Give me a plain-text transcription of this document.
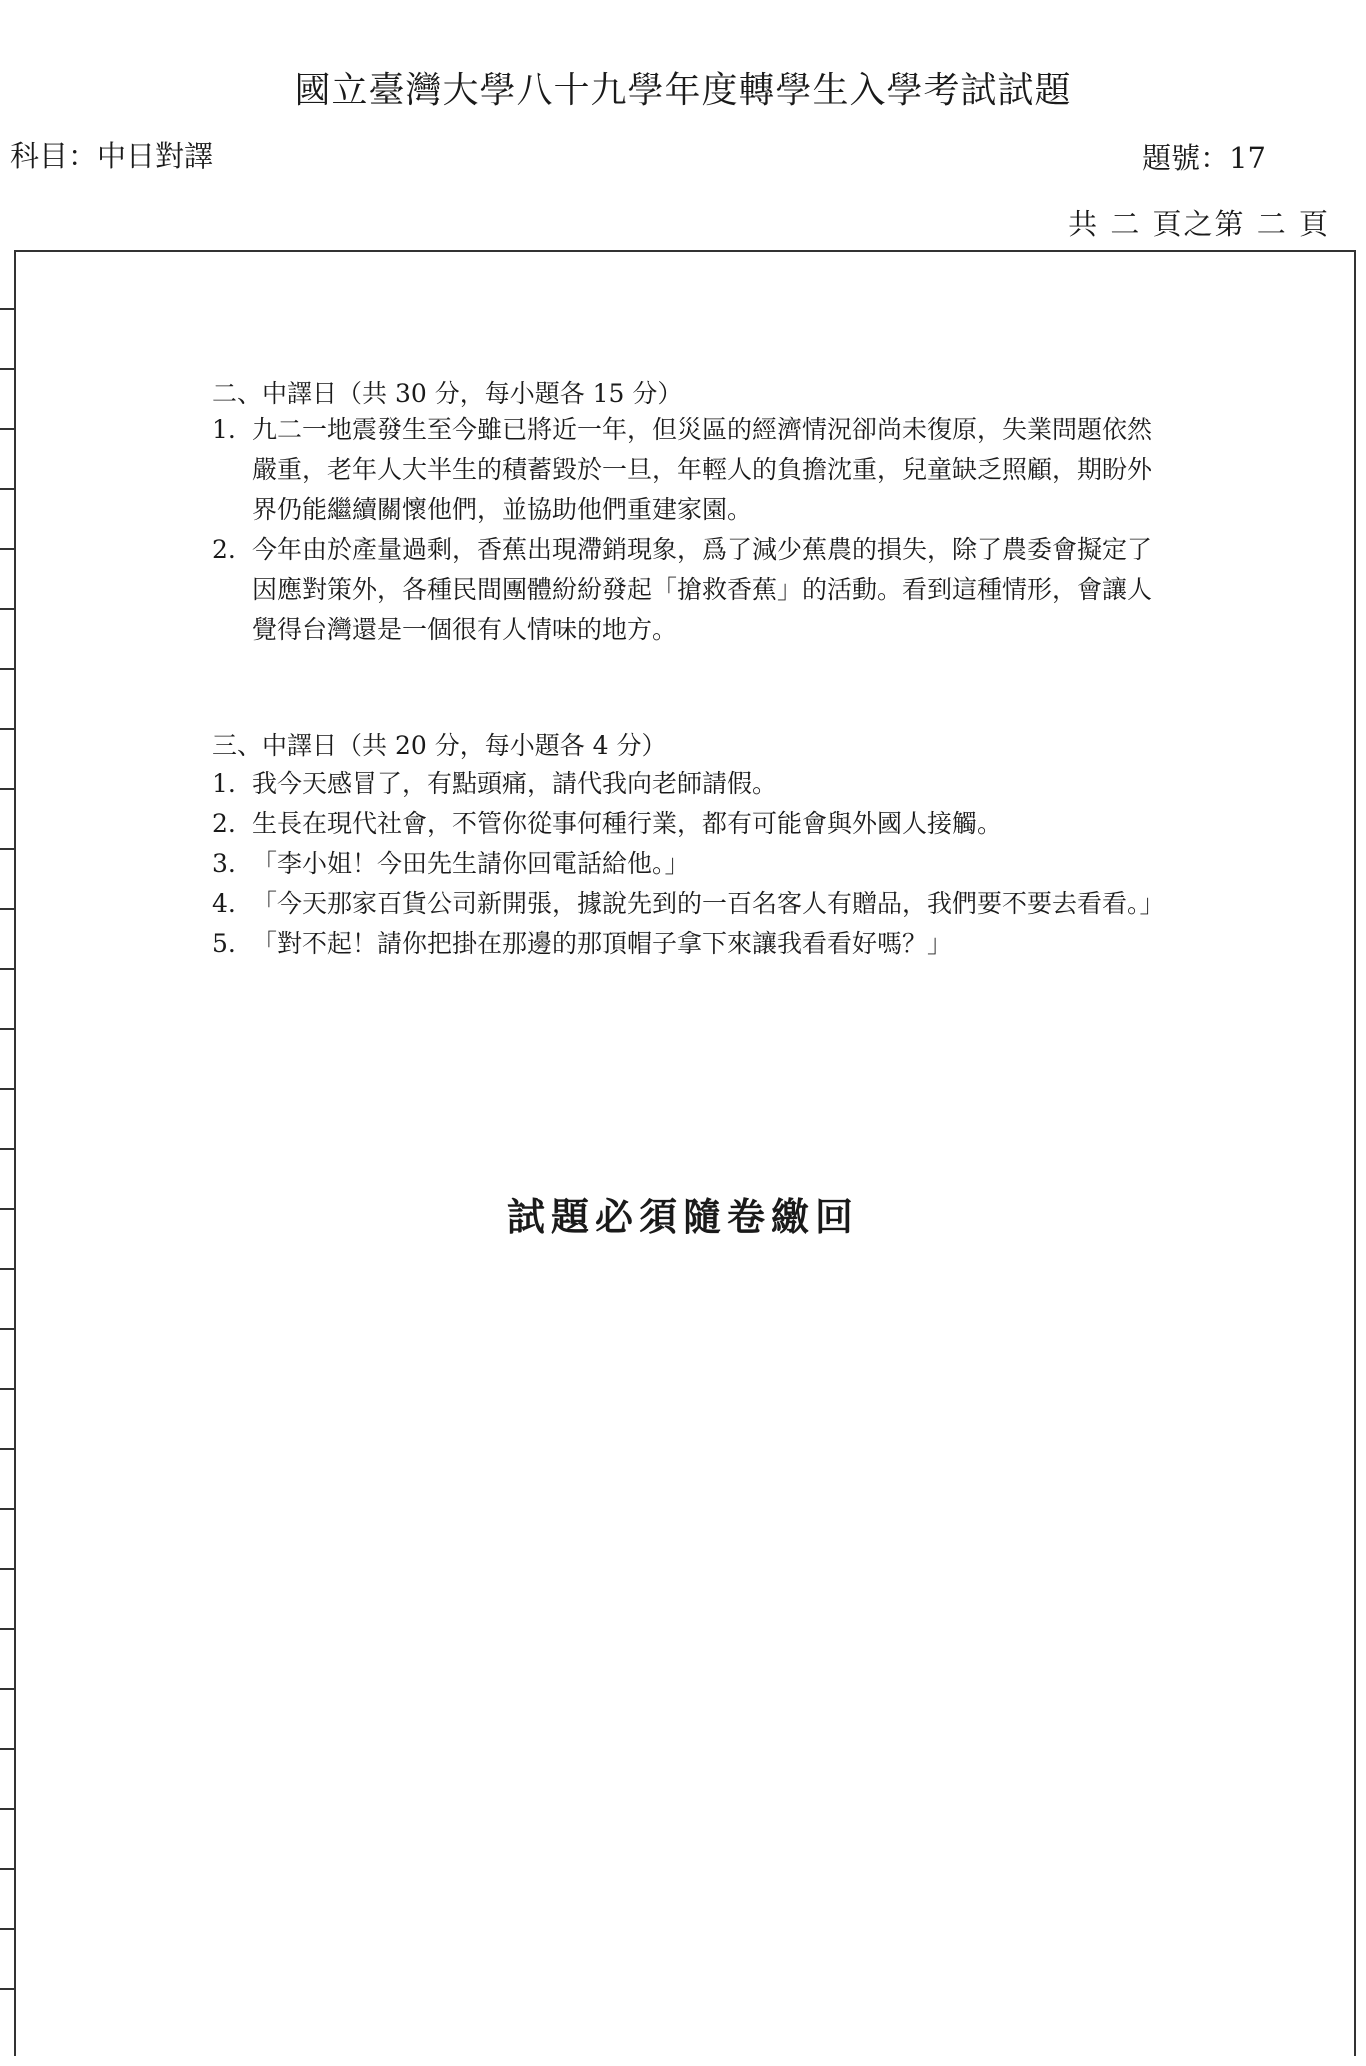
國立臺灣大學八十九學年度轉學生入學考試試題
科目：中日對譯	題號：17
共 二 頁之第 二 頁
二、中譯日（共 30 分，每小題各 15 分）
1. 九二一地震發生至今雖已將近一年，但災區的經濟情況卻尚未復原，失業問題依然嚴重，老年人大半生的積蓄毀於一旦，年輕人的負擔沈重，兒童缺乏照顧，期盼外界仍能繼續關懷他們，並協助他們重建家園。
2. 今年由於產量過剩，香蕉出現滯銷現象，爲了減少蕉農的損失，除了農委會擬定了因應對策外，各種民間團體紛紛發起「搶救香蕉」的活動。看到這種情形，會讓人覺得台灣還是一個很有人情味的地方。
三、中譯日（共 20 分，每小題各 4 分）
1. 我今天感冒了，有點頭痛，請代我向老師請假。
2. 生長在現代社會，不管你從事何種行業，都有可能會與外國人接觸。
3. 「李小姐！今田先生請你回電話給他。」
4. 「今天那家百貨公司新開張，據說先到的一百名客人有贈品，我們要不要去看看。」
5. 「對不起！請你把掛在那邊的那頂帽子拿下來讓我看看好嗎？」
試題必須隨卷繳回
